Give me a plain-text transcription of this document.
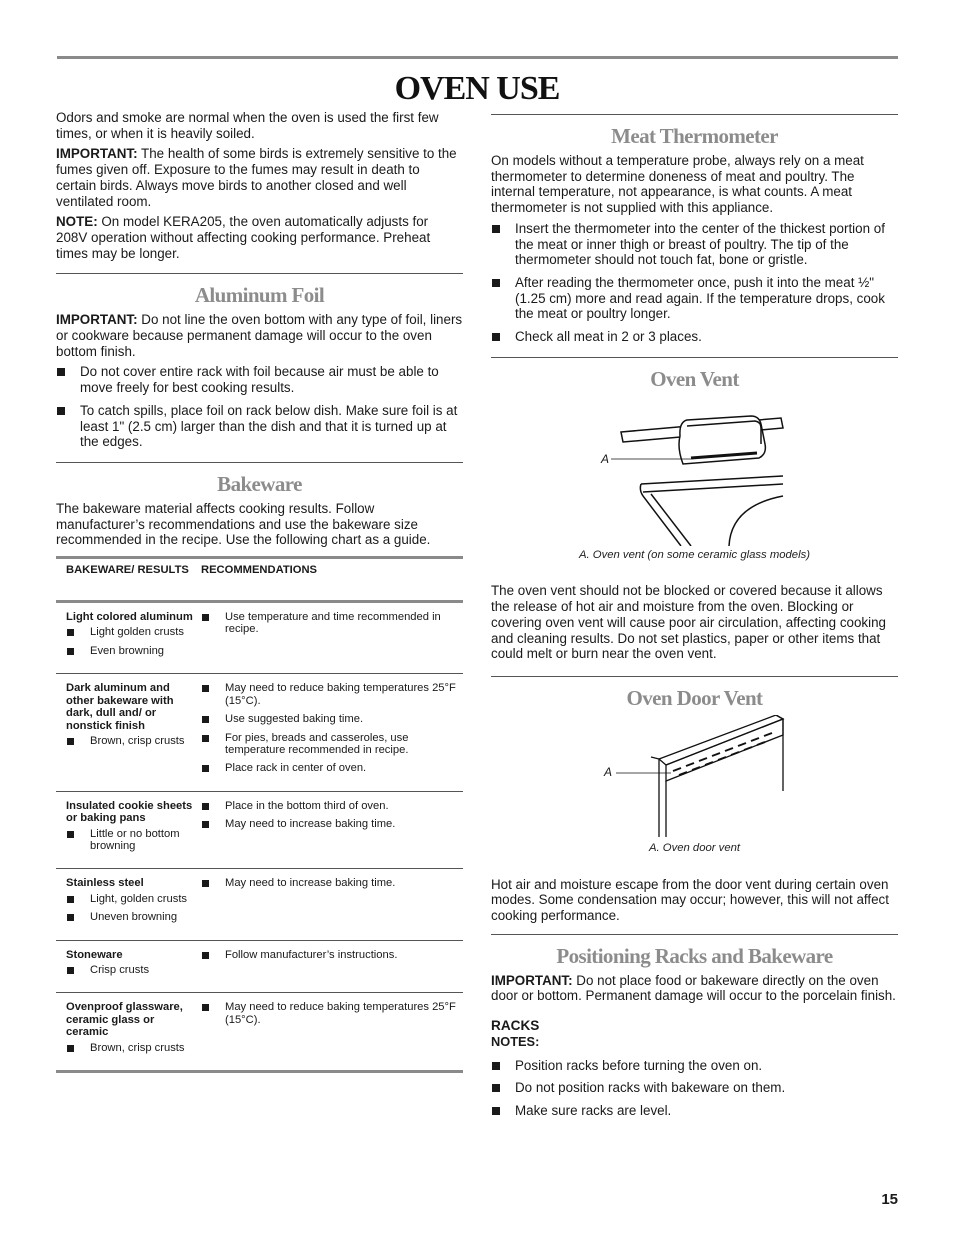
OVEN USE

Odors and smoke are normal when the oven is used the first few times, or when it is heavily soiled.

IMPORTANT: The health of some birds is extremely sensitive to the fumes given off. Exposure to the fumes may result in death to certain birds. Always move birds to another closed and well ventilated room.

NOTE: On model KERA205, the oven automatically adjusts for 208V operation without affecting cooking performance. Preheat times may be longer.

Aluminum Foil

IMPORTANT: Do not line the oven bottom with any type of foil, liners or cookware because permanent damage will occur to the oven bottom finish.

Do not cover entire rack with foil because air must be able to move freely for best cooking results.
To catch spills, place foil on rack below dish. Make sure foil is at least 1" (2.5 cm) larger than the dish and that it is turned up at the edges.
Bakeware

The bakeware material affects cooking results. Follow manufacturer’s recommendations and use the bakeware size recommended in the recipe. Use the following chart as a guide.

BAKEWARE/ RESULTS	RECOMMENDATIONS
Light colored aluminum
Light golden crusts
Even browning
Use temperature and time recommended in recipe.
Dark aluminum and other bakeware with dark, dull and/ or nonstick finish
Brown, crisp crusts
May need to reduce baking temperatures 25°F (15°C).
Use suggested baking time.
For pies, breads and casseroles, use temperature recommended in recipe.
Place rack in center of oven.
Insulated cookie sheets or baking pans
Little or no bottom browning
Place in the bottom third of oven.
May need to increase baking time.
Stainless steel
Light, golden crusts
Uneven browning
May need to increase baking time.
Stoneware
Crisp crusts
Follow manufacturer’s instructions.
Ovenproof glassware, ceramic glass or ceramic
Brown, crisp crusts
May need to reduce baking temperatures 25°F (15°C).
Meat Thermometer

On models without a temperature probe, always rely on a meat thermometer to determine doneness of meat and poultry. The internal temperature, not appearance, is what counts. A meat thermometer is not supplied with this appliance.

Insert the thermometer into the center of the thickest portion of the meat or inner thigh or breast of poultry. The tip of the thermometer should not touch fat, bone or gristle.
After reading the thermometer once, push it into the meat ½" (1.25 cm) more and read again. If the temperature drops, cook the meat or poultry longer.
Check all meat in 2 or 3 places.
Oven Vent
A
A. Oven vent (on some ceramic glass models)

The oven vent should not be blocked or covered because it allows the release of hot air and moisture from the oven. Blocking or covering oven vent will cause poor air circulation, affecting cooking and cleaning results. Do not set plastics, paper or other items that could melt or burn near the oven vent.

Oven Door Vent
A
A. Oven door vent

Hot air and moisture escape from the door vent during certain oven modes. Some condensation may occur; however, this will not affect cooking performance.

Positioning Racks and Bakeware

IMPORTANT: Do not place food or bakeware directly on the oven door or bottom. Permanent damage will occur to the porcelain finish.

RACKS
NOTES:
Position racks before turning the oven on.
Do not position racks with bakeware on them.
Make sure racks are level.
15
